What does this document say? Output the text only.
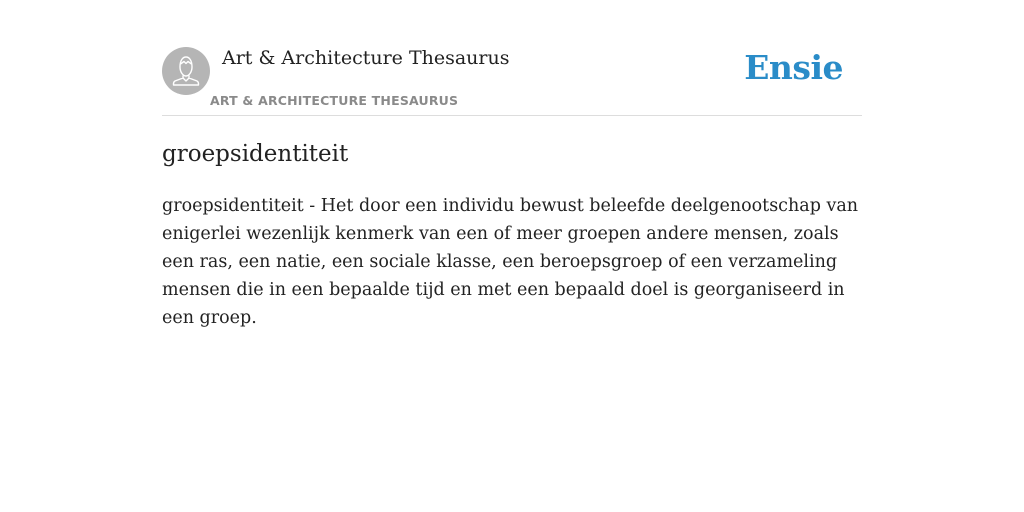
Art & Architecture Thesaurus
ART & ARCHITECTURE THESAURUS
Ensie
groepsidentiteit

groepsidentiteit - Het door een individu bewust beleefde deelgenootschap van enigerlei wezenlijk kenmerk van een of meer groepen andere mensen, zoals een ras, een natie, een sociale klasse, een beroepsgroep of een verzameling mensen die in een bepaalde tijd en met een bepaald doel is georganiseerd in een groep.
